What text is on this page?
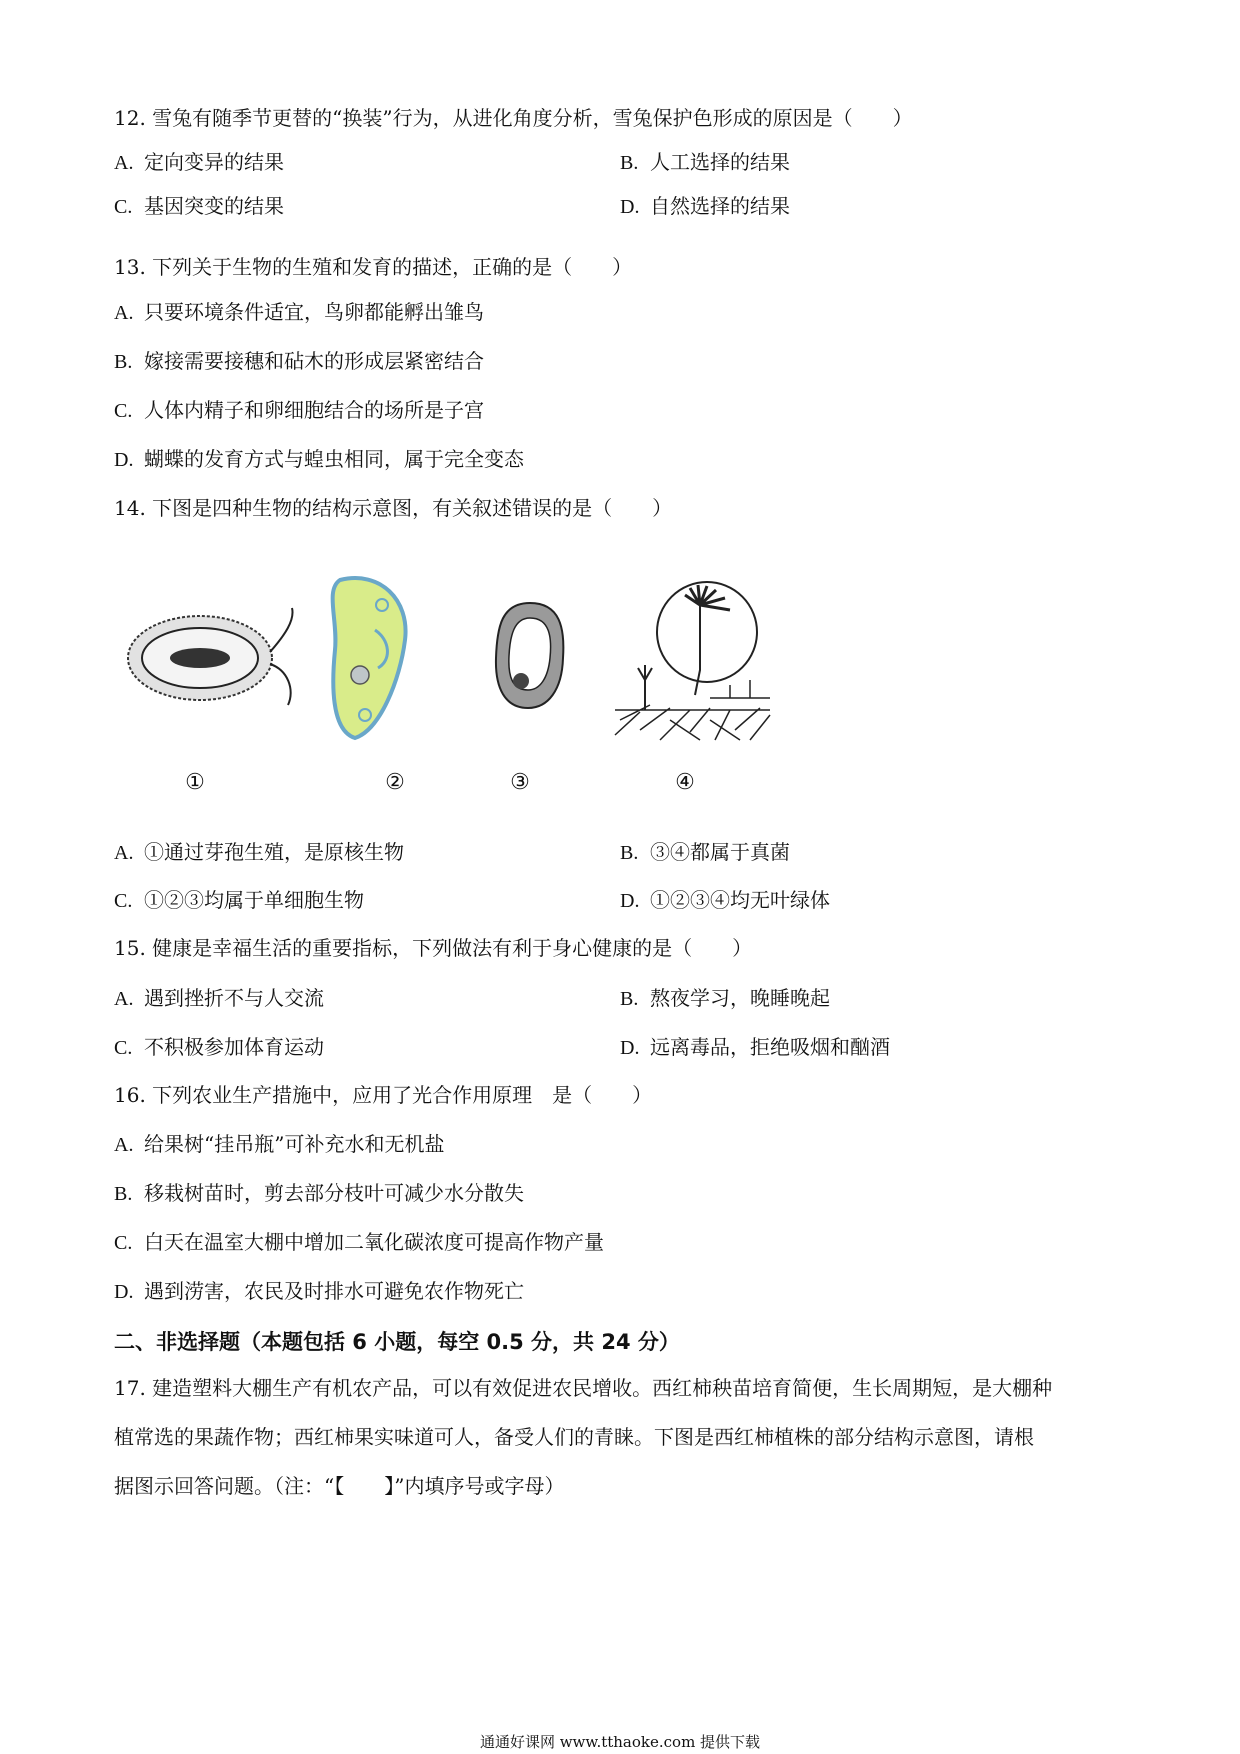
12. 雪兔有随季节更替的“换装”行为，从进化角度分析，雪兔保护色形成的原因是（　　）
A. 定向变异的结果	B. 人工选择的结果
C. 基因突变的结果	D. 自然选择的结果
13. 下列关于生物的生殖和发育的描述，正确的是（　　）
A. 只要环境条件适宜，鸟卵都能孵出雏鸟
B. 嫁接需要接穗和砧木的形成层紧密结合
C. 人体内精子和卵细胞结合的场所是子宫
D. 蝴蝶的发育方式与蝗虫相同，属于完全变态
14. 下图是四种生物的结构示意图，有关叙述错误的是（　　）
①	②	③	④
A. ①通过芽孢生殖，是原核生物	B. ③④都属于真菌
C. ①②③均属于单细胞生物	D. ①②③④均无叶绿体
15. 健康是幸福生活的重要指标，下列做法有利于身心健康的是（　　）
A. 遇到挫折不与人交流	B. 熬夜学习，晚睡晚起
C. 不积极参加体育运动	D. 远离毒品，拒绝吸烟和酗酒
16. 下列农业生产措施中，应用了光合作用原理　是（　　）
A. 给果树“挂吊瓶”可补充水和无机盐
B. 移栽树苗时，剪去部分枝叶可减少水分散失
C. 白天在温室大棚中增加二氧化碳浓度可提高作物产量
D. 遇到涝害，农民及时排水可避免农作物死亡
二、非选择题（本题包括 6 小题，每空 0.5 分，共 24 分）
17. 建造塑料大棚生产有机农产品，可以有效促进农民增收。西红柿秧苗培育简便，生长周期短，是大棚种
植常选的果蔬作物；西红柿果实味道可人，备受人们的青睐。下图是西红柿植株的部分结构示意图，请根
据图示回答问题。（注：“【　　】”内填序号或字母）
通通好课网 www.tthaoke.com 提供下载
